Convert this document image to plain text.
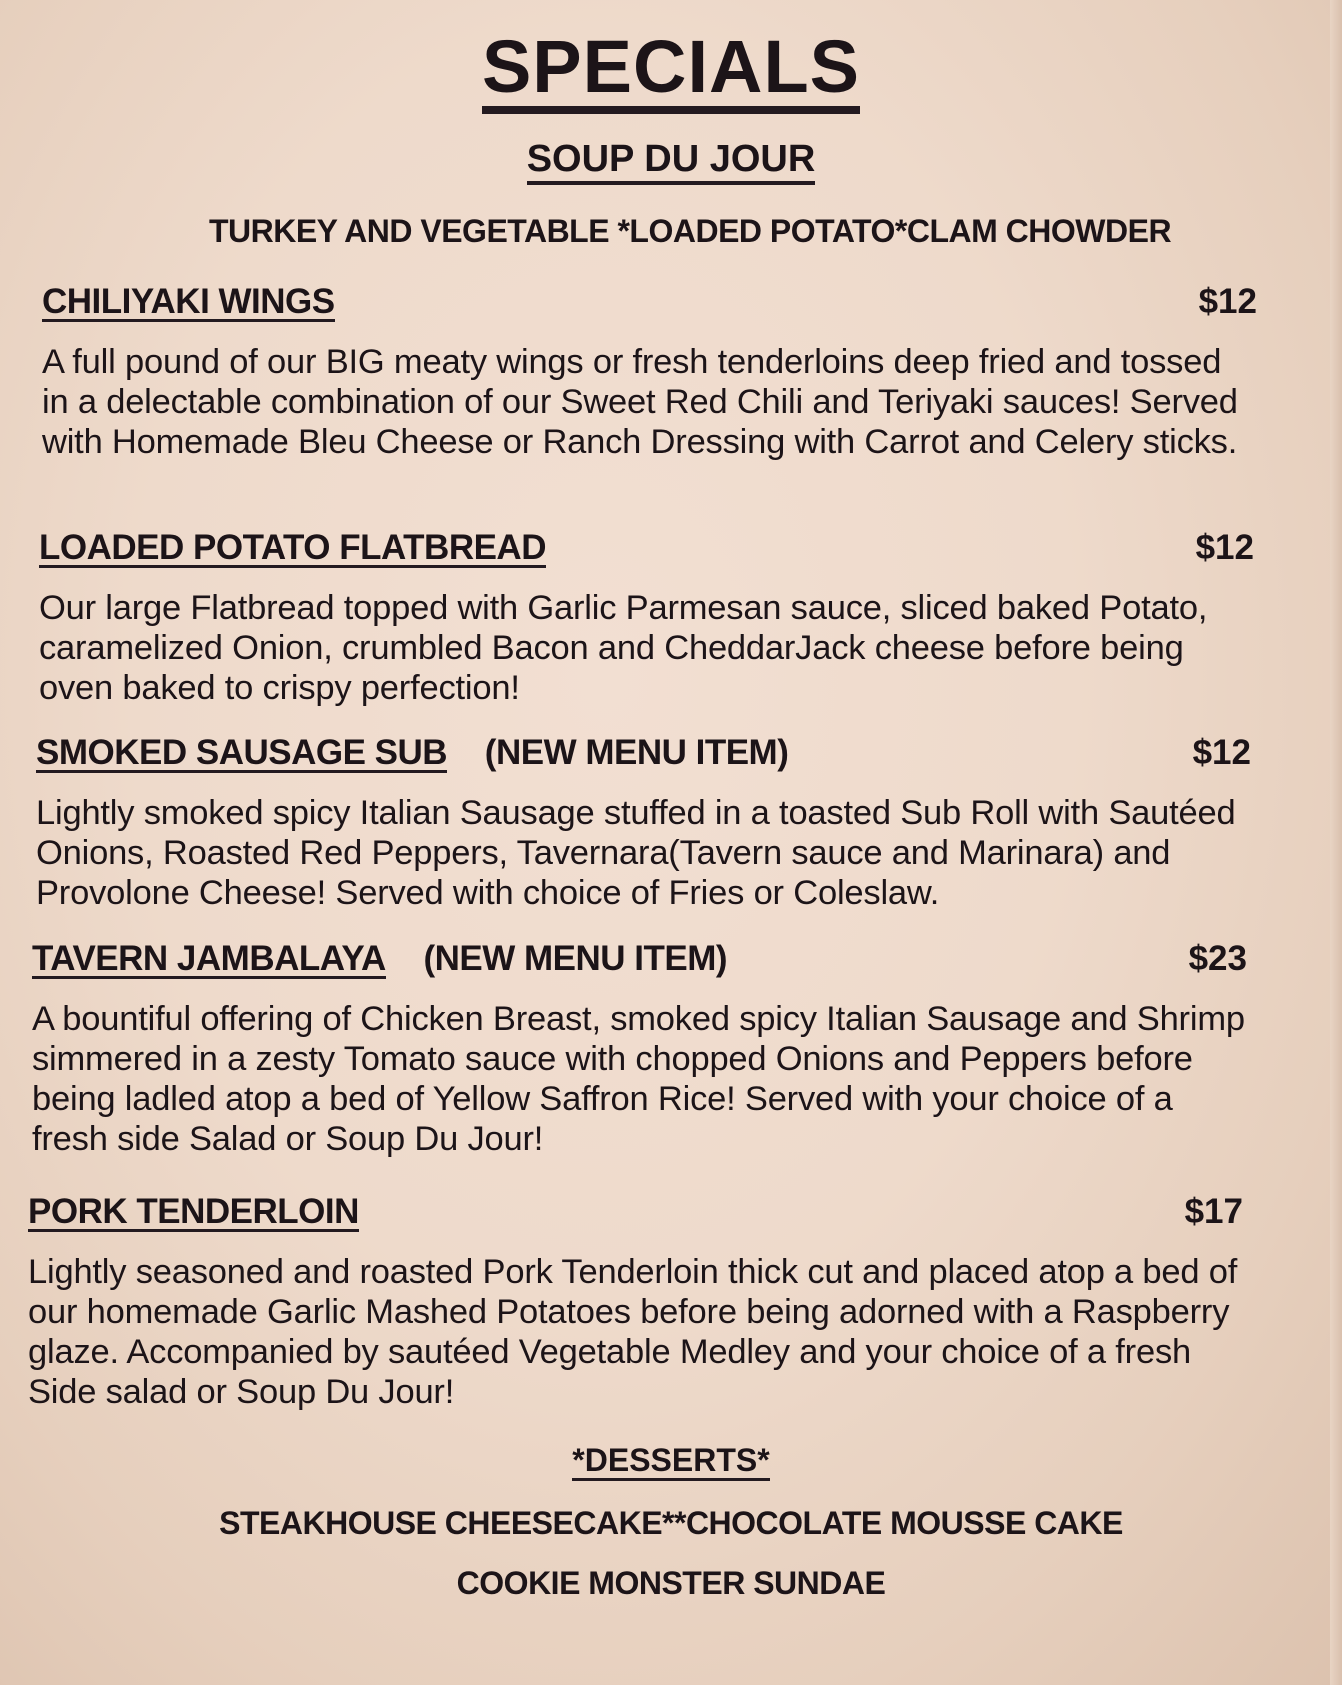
SPECIALS
SOUP DU JOUR
TURKEY AND VEGETABLE *LOADED POTATO*CLAM CHOWDER
CHILIYAKI WINGS	$12
A full pound of our BIG meaty wings or fresh tenderloins deep fried and tossed in a delectable combination of our Sweet Red Chili and Teriyaki sauces! Served with Homemade Bleu Cheese or Ranch Dressing with Carrot and Celery sticks.
LOADED POTATO FLATBREAD	$12
Our large Flatbread topped with Garlic Parmesan sauce, sliced baked Potato, caramelized Onion, crumbled Bacon and CheddarJack cheese before being oven baked to crispy perfection!
SMOKED SAUSAGE SUB (NEW MENU ITEM)	$12
Lightly smoked spicy Italian Sausage stuffed in a toasted Sub Roll with Sautéed Onions, Roasted Red Peppers, Tavernara(Tavern sauce and Marinara) and Provolone Cheese! Served with choice of Fries or Coleslaw.
TAVERN JAMBALAYA (NEW MENU ITEM)	$23
A bountiful offering of Chicken Breast, smoked spicy Italian Sausage and Shrimp simmered in a zesty Tomato sauce with chopped Onions and Peppers before being ladled atop a bed of Yellow Saffron Rice! Served with your choice of a fresh side Salad or Soup Du Jour!
PORK TENDERLOIN	$17
Lightly seasoned and roasted Pork Tenderloin thick cut and placed atop a bed of our homemade Garlic Mashed Potatoes before being adorned with a Raspberry glaze. Accompanied by sautéed Vegetable Medley and your choice of a fresh Side salad or Soup Du Jour!
*DESSERTS*
STEAKHOUSE CHEESECAKE**CHOCOLATE MOUSSE CAKE
COOKIE MONSTER SUNDAE
